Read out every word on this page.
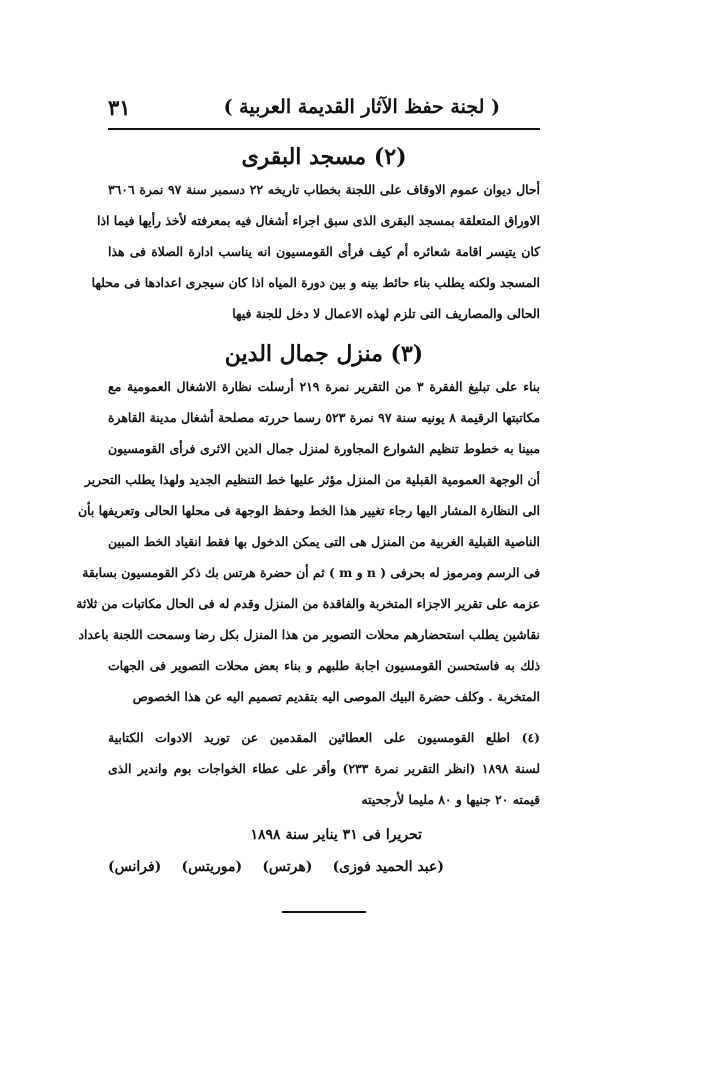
( لجنة حفظ الآثار القديمة العربية )
٣١
(٢) مسجد البقرى
أحال ديوان عموم الاوقاف على اللجنة بخطاب تاريخه ٢٢ دسمبر سنة ٩٧ نمرة ٣٦٠٦
الاوراق المتعلقة بمسجد البقرى الذى سبق اجراء أشغال فيه بمعرفته لأخذ رأيها فيما اذا
كان يتيسر اقامة شعائره أم كيف فرأى القومسيون انه يناسب ادارة الصلاة فى هذا
المسجد ولكنه يطلب بناء حائط بينه و بين دورة المياه اذا كان سيجرى اعدادها فى محلها
الحالى والمصاريف التى تلزم لهذه الاعمال لا دخل للجنة فيها
(٣) منزل جمال الدين
بناء على تبليغ الفقرة ٣ من التقرير نمرة ٢١٩ أرسلت نظارة الاشغال العمومية مع
مكاتبتها الرقيمة ٨ يونيه سنة ٩٧ نمرة ٥٢٣ رسما حررته مصلحة أشغال مدينة القاهرة
مبينا به خطوط تنظيم الشوارع المجاورة لمنزل جمال الدين الاثرى فرأى القومسيون
أن الوجهة العمومية القبلية من المنزل مؤثر عليها خط التنظيم الجديد ولهذا يطلب التحرير
الى النظارة المشار اليها رجاء تغيير هذا الخط وحفظ الوجهة فى محلها الحالى وتعريفها بأن
الناصية القبلية الغربية من المنزل هى التى يمكن الدخول بها فقط انقياد الخط المبين
فى الرسم ومرموز له بحرفى ( n و m ) ثم أن حضرة هرتس بك ذكر القومسيون بسابقة
عزمه على تقرير الاجزاء المتخربة والفاقدة من المنزل وقدم له فى الحال مكاتبات من ثلاثة
نقاشين يطلب استحضارهم محلات التصوير من هذا المنزل بكل رضا وسمحت اللجنة باعداد
ذلك به فاستحسن القومسيون اجابة طلبهم و بناء بعض محلات التصوير فى الجهات
المتخربة . وكلف حضرة البيك الموصى اليه بتقديم تصميم اليه عن هذا الخصوص
(٤) اطلع القومسيون على العطائين المقدمين عن توريد الادوات الكتابية
لسنة ١٨٩٨ (انظر التقرير نمرة ٢٣٣) وأقر على عطاء الخواجات بوم واندير الذى
قيمته ٢٠ جنيها و ٨٠ مليما لأرجحيته
تحريرا فى ٣١ يناير سنة ١٨٩٨
(عبد الحميد فوزى)
(هرتس)
(موريتس)
(فرانس)
